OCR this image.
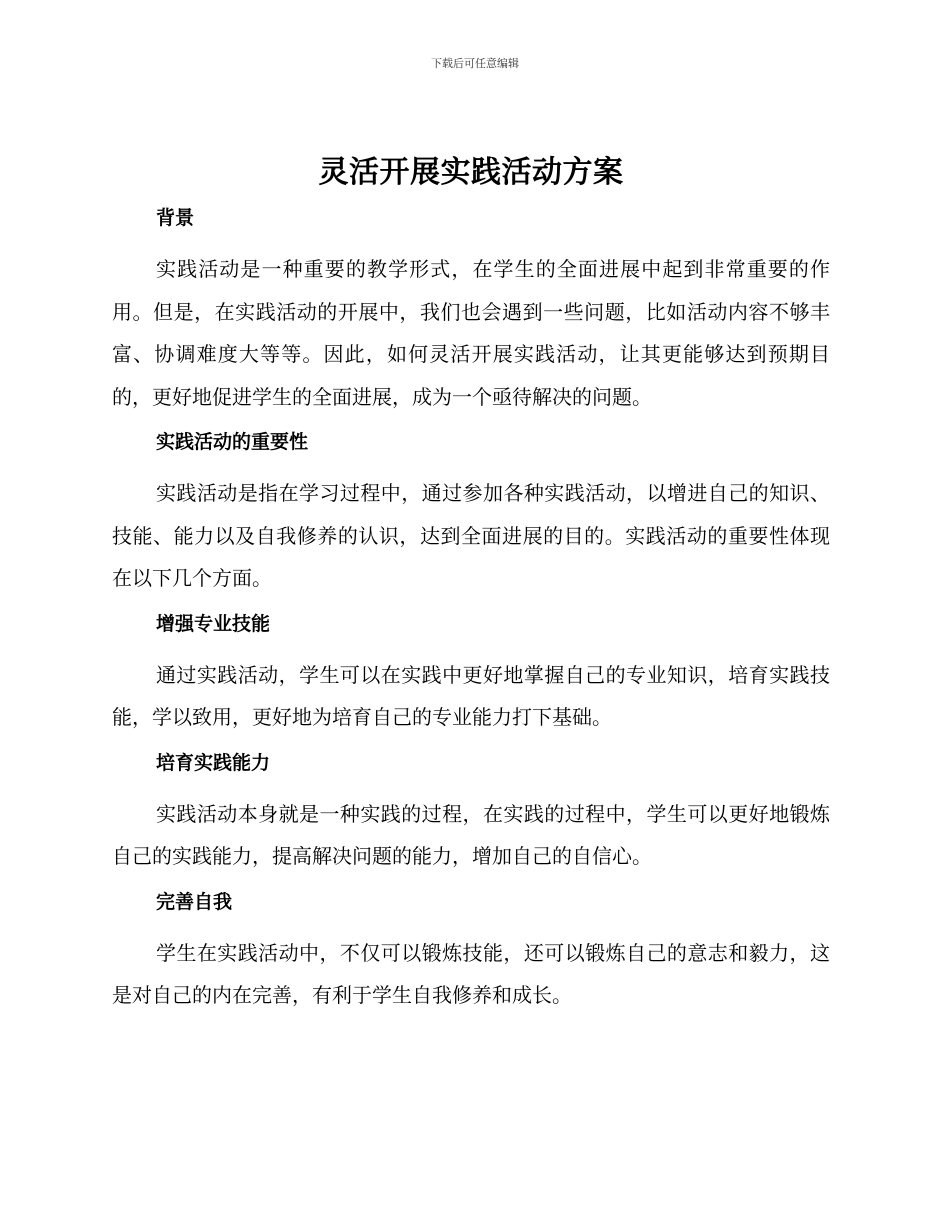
下载后可任意编辑
灵活开展实践活动方案
背景

实践活动是一种重要的教学形式，在学生的全面进展中起到非常重要的作用。但是，在实践活动的开展中，我们也会遇到一些问题，比如活动内容不够丰富、协调难度大等等。因此，如何灵活开展实践活动，让其更能够达到预期目的，更好地促进学生的全面进展，成为一个亟待解决的问题。

实践活动的重要性

实践活动是指在学习过程中，通过参加各种实践活动，以增进自己的知识、技能、能力以及自我修养的认识，达到全面进展的目的。实践活动的重要性体现在以下几个方面。

增强专业技能

通过实践活动，学生可以在实践中更好地掌握自己的专业知识，培育实践技能，学以致用，更好地为培育自己的专业能力打下基础。

培育实践能力

实践活动本身就是一种实践的过程，在实践的过程中，学生可以更好地锻炼自己的实践能力，提高解决问题的能力，增加自己的自信心。

完善自我

学生在实践活动中，不仅可以锻炼技能，还可以锻炼自己的意志和毅力，这是对自己的内在完善，有利于学生自我修养和成长。
